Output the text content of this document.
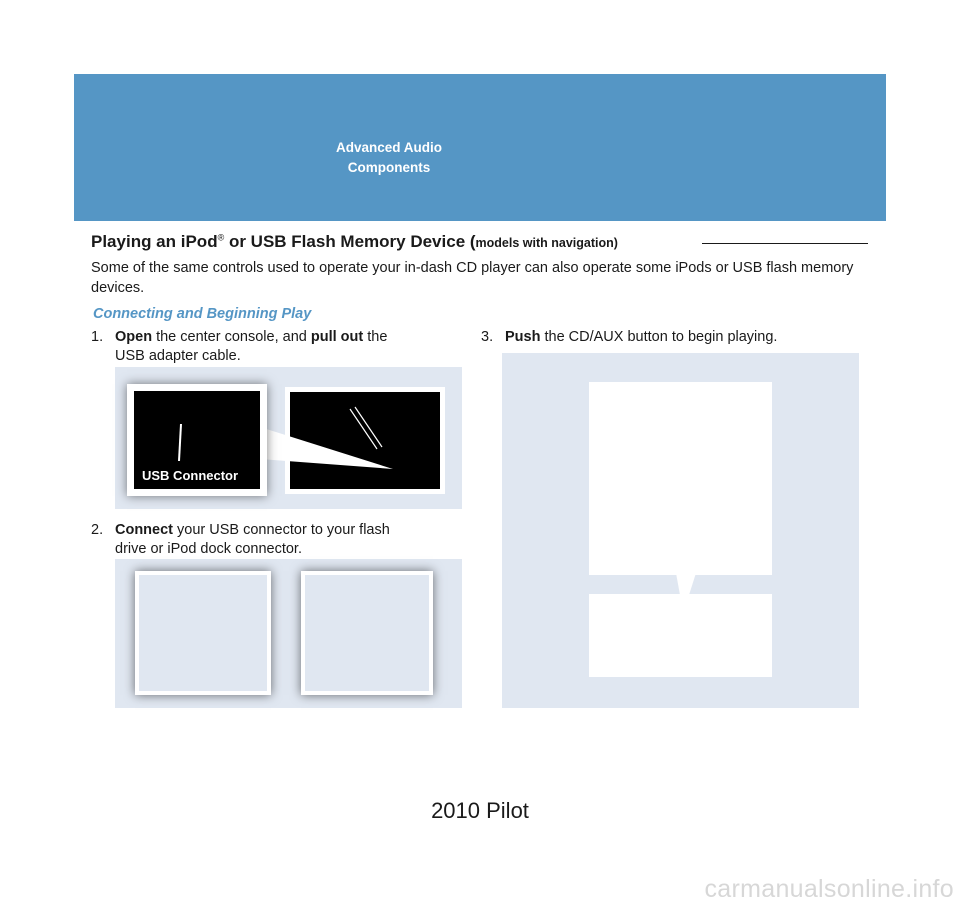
Advanced Audio
Components
Playing an iPod® or USB Flash Memory Device (models with navigation)
Some of the same controls used to operate your in-dash CD player can also operate some iPods or USB flash memory devices.
Connecting and Beginning Play
1. Open the center console, and pull out the
USB adapter cable.
USB Connector
2. Connect your USB connector to your flash
drive or iPod dock connector.
3. Push the CD/AUX button to begin playing.
2010 Pilot
carmanualsonline.info
